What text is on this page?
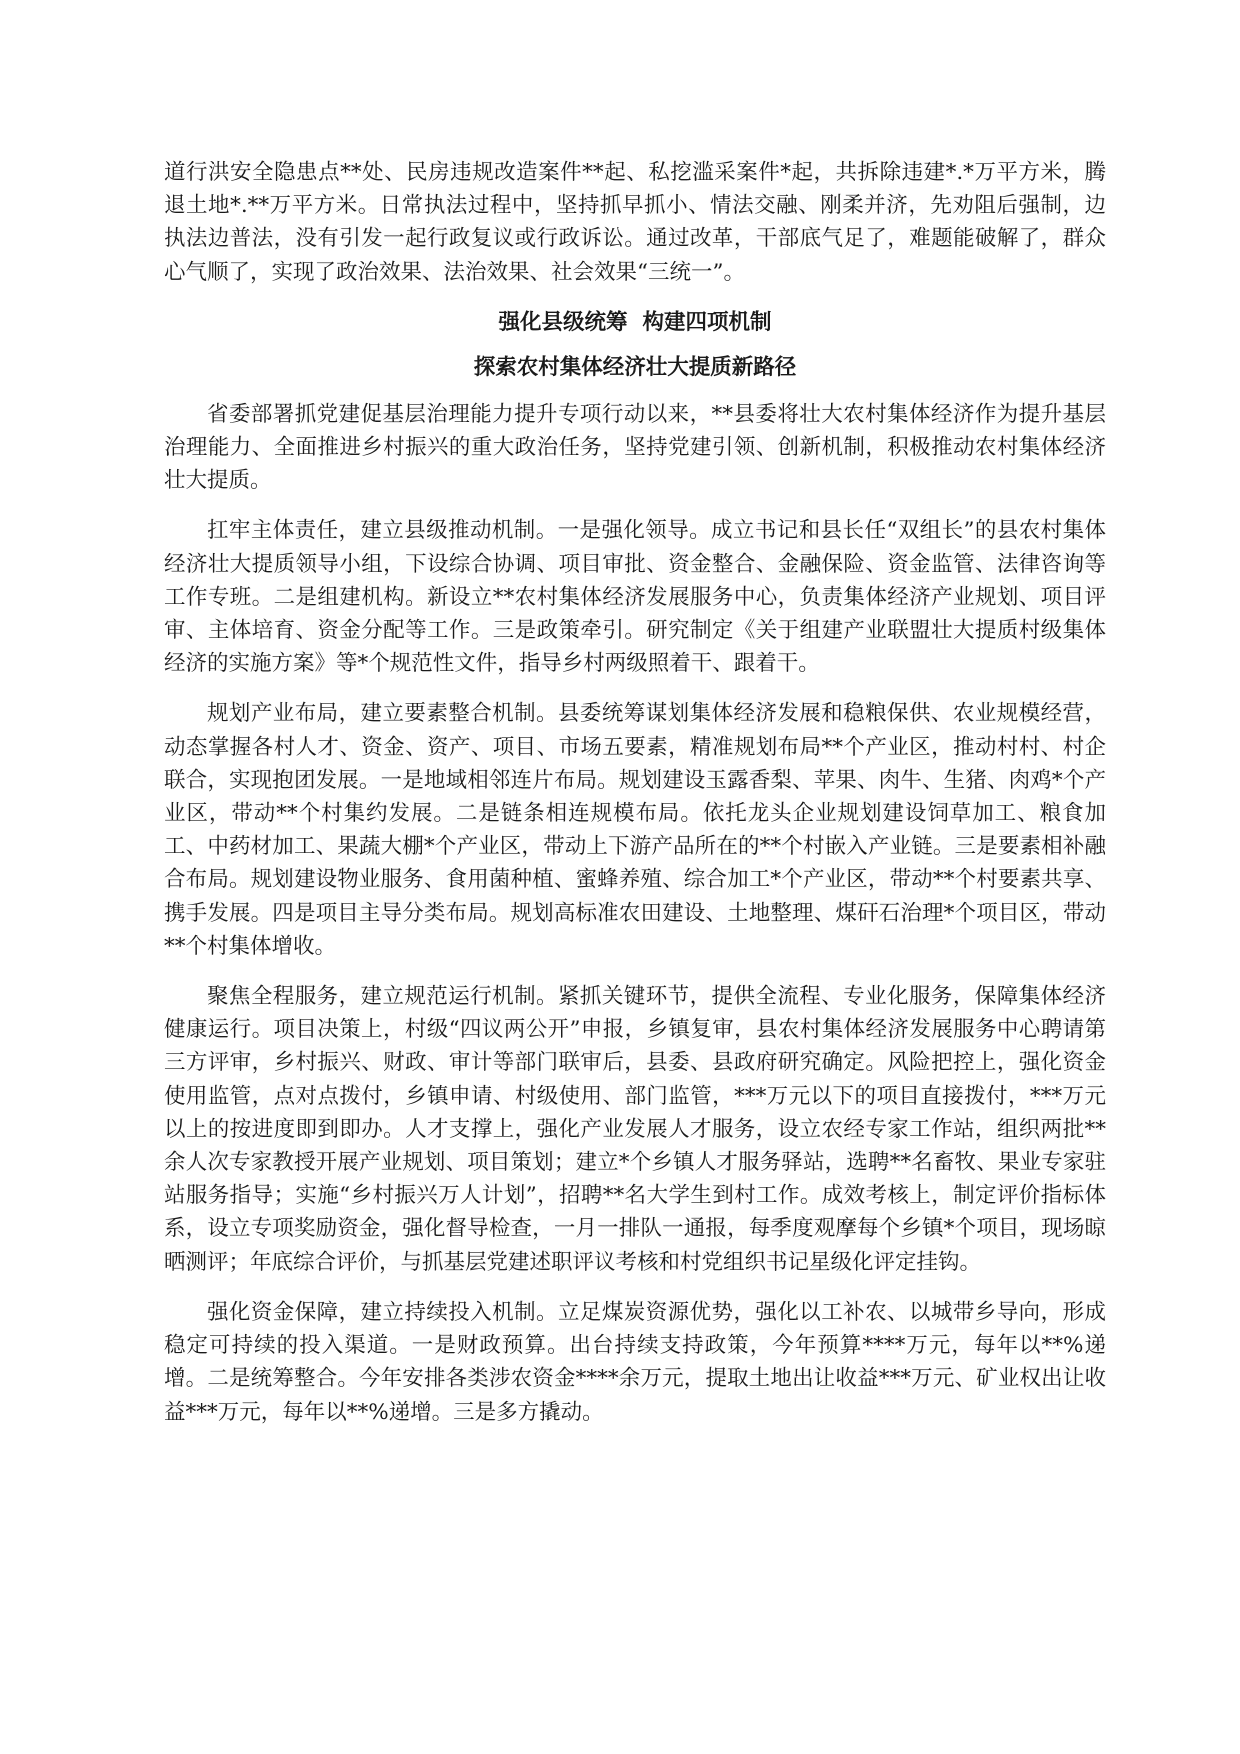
道行洪安全隐患点**处、民房违规改造案件**起、私挖滥采案件*起，共拆除违建*.*万平方米，腾退土地*.**万平方米。日常执法过程中，坚持抓早抓小、情法交融、刚柔并济，先劝阻后强制，边执法边普法，没有引发一起行政复议或行政诉讼。通过改革，干部底气足了，难题能破解了，群众心气顺了，实现了政治效果、法治效果、社会效果“三统一”。

强化县级统筹  构建四项机制

探索农村集体经济壮大提质新路径

省委部署抓党建促基层治理能力提升专项行动以来，**县委将壮大农村集体经济作为提升基层治理能力、全面推进乡村振兴的重大政治任务，坚持党建引领、创新机制，积极推动农村集体经济壮大提质。

扛牢主体责任，建立县级推动机制。一是强化领导。成立书记和县长任“双组长”的县农村集体经济壮大提质领导小组，下设综合协调、项目审批、资金整合、金融保险、资金监管、法律咨询等工作专班。二是组建机构。新设立**农村集体经济发展服务中心，负责集体经济产业规划、项目评审、主体培育、资金分配等工作。三是政策牵引。研究制定《关于组建产业联盟壮大提质村级集体经济的实施方案》等*个规范性文件，指导乡村两级照着干、跟着干。

规划产业布局，建立要素整合机制。县委统筹谋划集体经济发展和稳粮保供、农业规模经营，动态掌握各村人才、资金、资产、项目、市场五要素，精准规划布局**个产业区，推动村村、村企联合，实现抱团发展。一是地域相邻连片布局。规划建设玉露香梨、苹果、肉牛、生猪、肉鸡*个产业区，带动**个村集约发展。二是链条相连规模布局。依托龙头企业规划建设饲草加工、粮食加工、中药材加工、果蔬大棚*个产业区，带动上下游产品所在的**个村嵌入产业链。三是要素相补融合布局。规划建设物业服务、食用菌种植、蜜蜂养殖、综合加工*个产业区，带动**个村要素共享、携手发展。四是项目主导分类布局。规划高标准农田建设、土地整理、煤矸石治理*个项目区，带动**个村集体增收。

聚焦全程服务，建立规范运行机制。紧抓关键环节，提供全流程、专业化服务，保障集体经济健康运行。项目决策上，村级“四议两公开”申报，乡镇复审，县农村集体经济发展服务中心聘请第三方评审，乡村振兴、财政、审计等部门联审后，县委、县政府研究确定。风险把控上，强化资金使用监管，点对点拨付，乡镇申请、村级使用、部门监管，***万元以下的项目直接拨付，***万元以上的按进度即到即办。人才支撑上，强化产业发展人才服务，设立农经专家工作站，组织两批**余人次专家教授开展产业规划、项目策划；建立*个乡镇人才服务驿站，选聘**名畜牧、果业专家驻站服务指导；实施“乡村振兴万人计划”，招聘**名大学生到村工作。成效考核上，制定评价指标体系，设立专项奖励资金，强化督导检查，一月一排队一通报，每季度观摩每个乡镇*个项目，现场晾晒测评；年底综合评价，与抓基层党建述职评议考核和村党组织书记星级化评定挂钩。

强化资金保障，建立持续投入机制。立足煤炭资源优势，强化以工补农、以城带乡导向，形成稳定可持续的投入渠道。一是财政预算。出台持续支持政策，今年预算****万元，每年以**%递增。二是统筹整合。今年安排各类涉农资金****余万元，提取土地出让收益***万元、矿业权出让收益***万元，每年以**%递增。三是多方撬动。
